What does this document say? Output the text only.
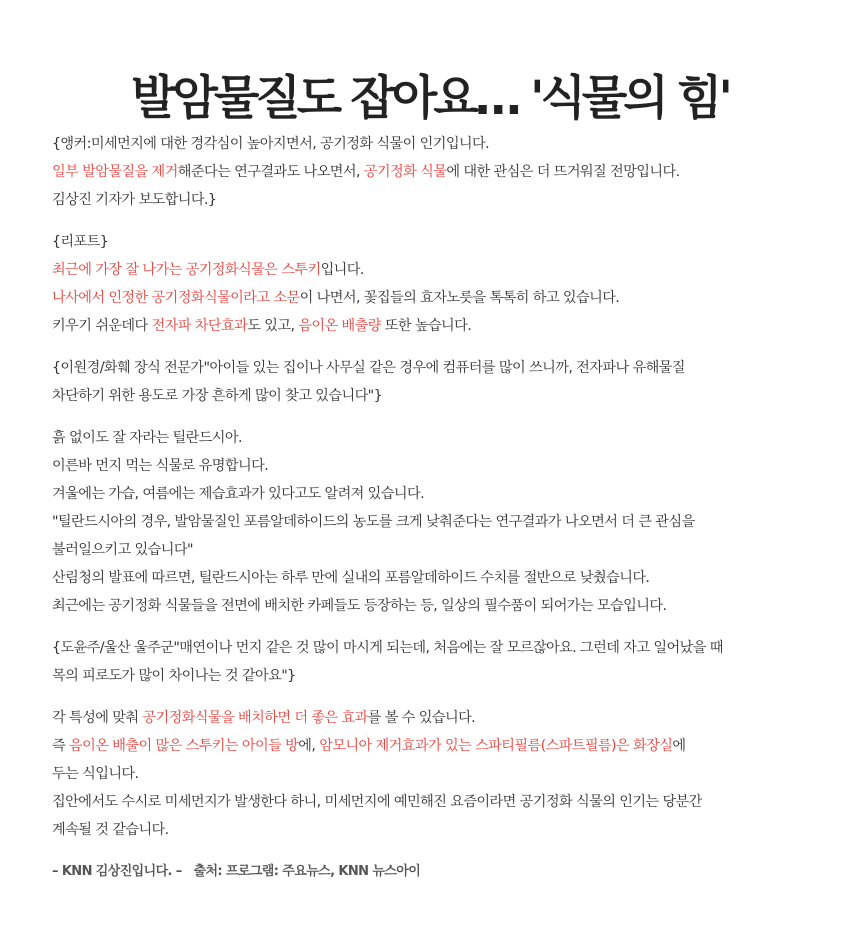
발암물질도 잡아요… '식물의 힘'
{앵커:미세먼지에 대한 경각심이 높아지면서, 공기정화 식물이 인기입니다.
일부 발암물질을 제거해준다는 연구결과도 나오면서, 공기정화 식물에 대한 관심은 더 뜨거워질 전망입니다.
김상진 기자가 보도합니다.}
{리포트}
최근에 가장 잘 나가는 공기정화식물은 스투키입니다.
나사에서 인정한 공기정화식물이라고 소문이 나면서, 꽃집들의 효자노릇을 톡톡히 하고 있습니다.
키우기 쉬운데다 전자파 차단효과도 있고, 음이온 배출량 또한 높습니다.
{이원경/화훼 장식 전문가"아이들 있는 집이나 사무실 같은 경우에 컴퓨터를 많이 쓰니까, 전자파나 유해물질
차단하기 위한 용도로 가장 흔하게 많이 찾고 있습니다"}
흙 없이도 잘 자라는 틸란드시아.
이른바 먼지 먹는 식물로 유명합니다.
겨울에는 가습, 여름에는 제습효과가 있다고도 알려져 있습니다.
"틸란드시아의 경우, 발암물질인 포름알데하이드의 농도를 크게 낮춰준다는 연구결과가 나오면서 더 큰 관심을
불러일으키고 있습니다"
산림청의 발표에 따르면, 틸란드시아는 하루 만에 실내의 포름알데하이드 수치를 절반으로 낮췄습니다.
최근에는 공기정화 식물들을 전면에 배치한 카페들도 등장하는 등, 일상의 필수품이 되어가는 모습입니다.
{도윤주/울산 울주군"매연이나 먼지 같은 것 많이 마시게 되는데, 처음에는 잘 모르잖아요. 그런데 자고 일어났을 때
목의 피로도가 많이 차이나는 것 같아요"}
각 특성에 맞춰 공기정화식물을 배치하면 더 좋은 효과를 볼 수 있습니다.
즉 음이온 배출이 많은 스투키는 아이들 방에, 암모니아 제거효과가 있는 스파티필름(스파트필름)은 화장실에
두는 식입니다.
집안에서도 수시로 미세먼지가 발생한다 하니, 미세먼지에 예민해진 요즘이라면 공기정화 식물의 인기는 당분간
계속될 것 같습니다.
– KNN 김상진입니다. – 출처: 프로그램: 주요뉴스, KNN 뉴스아이
